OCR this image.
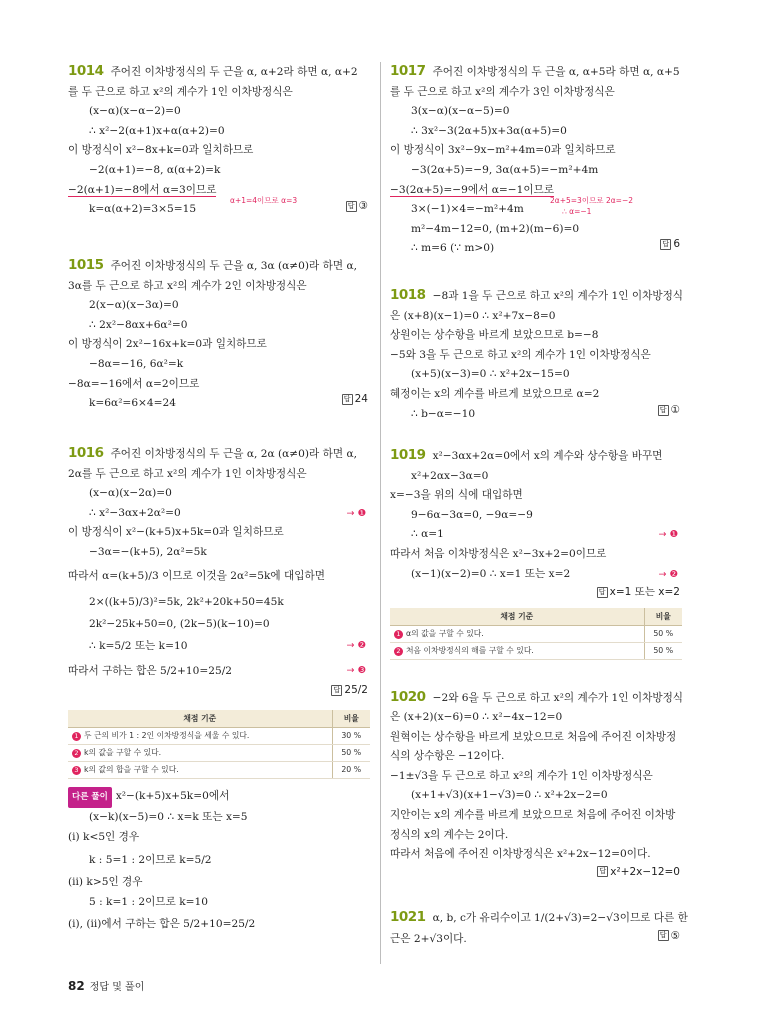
1014 주어진 이차방정식의 두 근을 α, α+2라 하면 α, α+2
를 두 근으로 하고 x²의 계수가 1인 이차방정식은
(x−α)(x−α−2)=0
∴ x²−2(α+1)x+α(α+2)=0
이 방정식이 x²−8x+k=0과 일치하므로
−2(α+1)=−8, α(α+2)=k
−2(α+1)=−8에서 α=3이므로
α+1=4이므로 α=3
k=α(α+2)=3×5=15	답 ③
1015 주어진 이차방정식의 두 근을 α, 3α (α≠0)라 하면 α,
3α를 두 근으로 하고 x²의 계수가 2인 이차방정식은
2(x−α)(x−3α)=0
∴ 2x²−8αx+6α²=0
이 방정식이 2x²−16x+k=0과 일치하므로
−8α=−16, 6α²=k
−8α=−16에서 α=2이므로
k=6α²=6×4=24	답 24
1016 주어진 이차방정식의 두 근을 α, 2α (α≠0)라 하면 α,
2α를 두 근으로 하고 x²의 계수가 1인 이차방정식은
(x−α)(x−2α)=0
∴ x²−3αx+2α²=0	→ ❶
이 방정식이 x²−(k+5)x+5k=0과 일치하므로
−3α=−(k+5), 2α²=5k
따라서 α=(k+5)/3 이므로 이것을 2α²=5k에 대입하면
2×((k+5)/3)²=5k, 2k²+20k+50=45k
2k²−25k+50=0, (2k−5)(k−10)=0
∴ k=5/2 또는 k=10	→ ❷
따라서 구하는 합은 5/2+10=25/2	→ ❸
답 25/2
채점 기준	비율
1 두 근의 비가 1 : 2인 이차방정식을 세울 수 있다.	30 %
2 k의 값을 구할 수 있다.	50 %
3 k의 값의 합을 구할 수 있다.	20 %
다른 풀이 x²−(k+5)x+5k=0에서
(x−k)(x−5)=0 ∴ x=k 또는 x=5
(ⅰ) k<5인 경우
k : 5=1 : 2이므로 k=5/2
(ⅱ) k>5인 경우
5 : k=1 : 2이므로 k=10
(ⅰ), (ⅱ)에서 구하는 합은 5/2+10=25/2
1017 주어진 이차방정식의 두 근을 α, α+5라 하면 α, α+5
를 두 근으로 하고 x²의 계수가 3인 이차방정식은
3(x−α)(x−α−5)=0
∴ 3x²−3(2α+5)x+3α(α+5)=0
이 방정식이 3x²−9x−m²+4m=0과 일치하므로
−3(2α+5)=−9, 3α(α+5)=−m²+4m
−3(2α+5)=−9에서 α=−1이므로
2α+5=3이므로 2α=−2
3×(−1)×4=−m²+4m	∴ α=−1
m²−4m−12=0, (m+2)(m−6)=0
∴ m=6 (∵ m>0)	답 6
1018 −8과 1을 두 근으로 하고 x²의 계수가 1인 이차방정식
은 (x+8)(x−1)=0 ∴ x²+7x−8=0
상원이는 상수항을 바르게 보았으므로 b=−8
−5와 3을 두 근으로 하고 x²의 계수가 1인 이차방정식은
(x+5)(x−3)=0 ∴ x²+2x−15=0
혜정이는 x의 계수를 바르게 보았으므로 α=2
∴ b−α=−10	답 ①
1019 x²−3αx+2α=0에서 x의 계수와 상수항을 바꾸면
x²+2αx−3α=0
x=−3을 위의 식에 대입하면
9−6α−3α=0, −9α=−9
∴ α=1	→ ❶
따라서 처음 이차방정식은 x²−3x+2=0이므로
(x−1)(x−2)=0 ∴ x=1 또는 x=2	→ ❷
답 x=1 또는 x=2
채점 기준	비율
1 α의 값을 구할 수 있다.	50 %
2 처음 이차방정식의 해를 구할 수 있다.	50 %
1020 −2와 6을 두 근으로 하고 x²의 계수가 1인 이차방정식
은 (x+2)(x−6)=0 ∴ x²−4x−12=0
원혁이는 상수항을 바르게 보았으므로 처음에 주어진 이차방정
식의 상수항은 −12이다.
−1±√3을 두 근으로 하고 x²의 계수가 1인 이차방정식은
(x+1+√3)(x+1−√3)=0 ∴ x²+2x−2=0
지안이는 x의 계수를 바르게 보았으므로 처음에 주어진 이차방
정식의 x의 계수는 2이다.
따라서 처음에 주어진 이차방정식은 x²+2x−12=0이다.
답 x²+2x−12=0
1021 α, b, c가 유리수이고 1/(2+√3)=2−√3이므로 다른 한
근은 2+√3이다.	답 ⑤
82 정답 및 풀이
